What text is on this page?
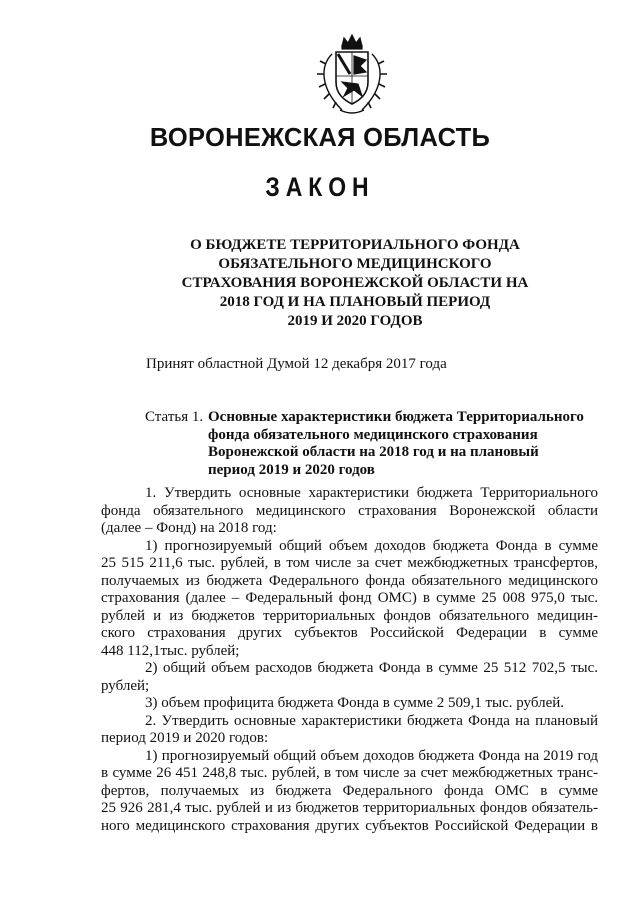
ВОРОНЕЖСКАЯ ОБЛАСТЬ
ЗАКОН
О БЮДЖЕТЕ ТЕРРИТОРИАЛЬНОГО ФОНДА
ОБЯЗАТЕЛЬНОГО МЕДИЦИНСКОГО
СТРАХОВАНИЯ ВОРОНЕЖСКОЙ ОБЛАСТИ НА
2018 ГОД И НА ПЛАНОВЫЙ ПЕРИОД
2019 И 2020 ГОДОВ

Принят областной Думой 12 декабря 2017 года

Статья 1. Основные характеристики бюджета Территориального
фонда обязательного медицинского страхования
Воронежской области на 2018 год и на плановый
период 2019 и 2020 годов

1. Утвердить основные характеристики бюджета Территориального
фонда обязательного медицинского страхования Воронежской области
(далее – Фонд) на 2018 год:

1) прогнозируемый общий объем доходов бюджета Фонда в сумме
25 515 211,6 тыс. рублей, в том числе за счет межбюджетных трансфертов,
получаемых из бюджета Федерального фонда обязательного медицинского
страхования (далее – Федеральный фонд ОМС) в сумме 25 008 975,0 тыс.
рублей и из бюджетов территориальных фондов обязательного медицин-
ского страхования других субъектов Российской Федерации в сумме
448 112,1тыс. рублей;

2) общий объем расходов бюджета Фонда в сумме 25 512 702,5 тыс.
рублей;

3) объем профицита бюджета Фонда в сумме 2 509,1 тыс. рублей.

2. Утвердить основные характеристики бюджета Фонда на плановый
период 2019 и 2020 годов:

1) прогнозируемый общий объем доходов бюджета Фонда на 2019 год
в сумме 26 451 248,8 тыс. рублей, в том числе за счет межбюджетных транс-
фертов, получаемых из бюджета Федерального фонда ОМС в сумме
25 926 281,4 тыс. рублей и из бюджетов территориальных фондов обязатель-
ного медицинского страхования других субъектов Российской Федерации в
